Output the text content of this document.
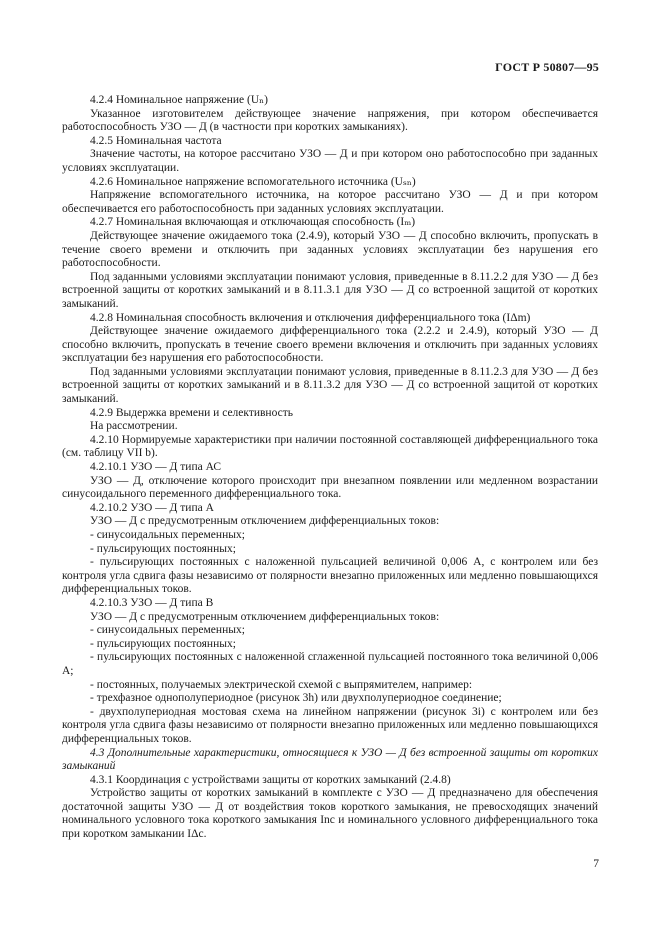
ГОСТ Р 50807—95

4.2.4 Номинальное напряжение (Uₙ)

Указанное изготовителем действующее значение напряжения, при котором обеспечивается работоспособность УЗО — Д (в частности при коротких замыканиях).

4.2.5 Номинальная частота

Значение частоты, на которое рассчитано УЗО — Д и при котором оно работоспособно при заданных условиях эксплуатации.

4.2.6 Номинальное напряжение вспомогательного источника (Uₛₙ)

Напряжение вспомогательного источника, на которое рассчитано УЗО — Д и при котором обеспечивается его работоспособность при заданных условиях эксплуатации.

4.2.7 Номинальная включающая и отключающая способность (Iₘ)

Действующее значение ожидаемого тока (2.4.9), который УЗО — Д способно включить, пропускать в течение своего времени и отключить при заданных условиях эксплуатации без нарушения его работоспособности.

Под заданными условиями эксплуатации понимают условия, приведенные в 8.11.2.2 для УЗО — Д без встроенной защиты от коротких замыканий и в 8.11.3.1 для УЗО — Д со встроенной защитой от коротких замыканий.

4.2.8 Номинальная способность включения и отключения дифференциального тока (IΔm)

Действующее значение ожидаемого дифференциального тока (2.2.2 и 2.4.9), который УЗО — Д способно включить, пропускать в течение своего времени включения и отключить при заданных условиях эксплуатации без нарушения его работоспособности.

Под заданными условиями эксплуатации понимают условия, приведенные в 8.11.2.3 для УЗО — Д без встроенной защиты от коротких замыканий и в 8.11.3.2 для УЗО — Д со встроенной защитой от коротких замыканий.

4.2.9 Выдержка времени и селективность

На рассмотрении.

4.2.10 Нормируемые характеристики при наличии постоянной составляющей дифференциального тока (см. таблицу VII b).

4.2.10.1 УЗО — Д типа АС

УЗО — Д, отключение которого происходит при внезапном появлении или медленном возрастании синусоидального переменного дифференциального тока.

4.2.10.2 УЗО — Д типа А

УЗО — Д с предусмотренным отключением дифференциальных токов:

- синусоидальных переменных;

- пульсирующих постоянных;

- пульсирующих постоянных с наложенной пульсацией величиной 0,006 А, с контролем или без контроля угла сдвига фазы независимо от полярности внезапно приложенных или медленно повышающихся дифференциальных токов.

4.2.10.3 УЗО — Д типа В

УЗО — Д с предусмотренным отключением дифференциальных токов:

- синусоидальных переменных;

- пульсирующих постоянных;

- пульсирующих постоянных с наложенной сглаженной пульсацией постоянного тока величиной 0,006 А;

- постоянных, получаемых электрической схемой с выпрямителем, например:

- трехфазное однополупериодное (рисунок 3h) или двухполупериодное соединение;

- двухполупериодная мостовая схема на линейном напряжении (рисунок 3i) с контролем или без контроля угла сдвига фазы независимо от полярности внезапно приложенных или медленно повышающихся дифференциальных токов.

4.3 Дополнительные характеристики, относящиеся к УЗО — Д без встроенной защиты от коротких замыканий

4.3.1 Координация с устройствами защиты от коротких замыканий (2.4.8)

Устройство защиты от коротких замыканий в комплекте с УЗО — Д предназначено для обеспечения достаточной защиты УЗО — Д от воздействия токов короткого замыкания, не превосходящих значений номинального условного тока короткого замыкания Inc и номинального условного дифференциального тока при коротком замыкании IΔc.

7
